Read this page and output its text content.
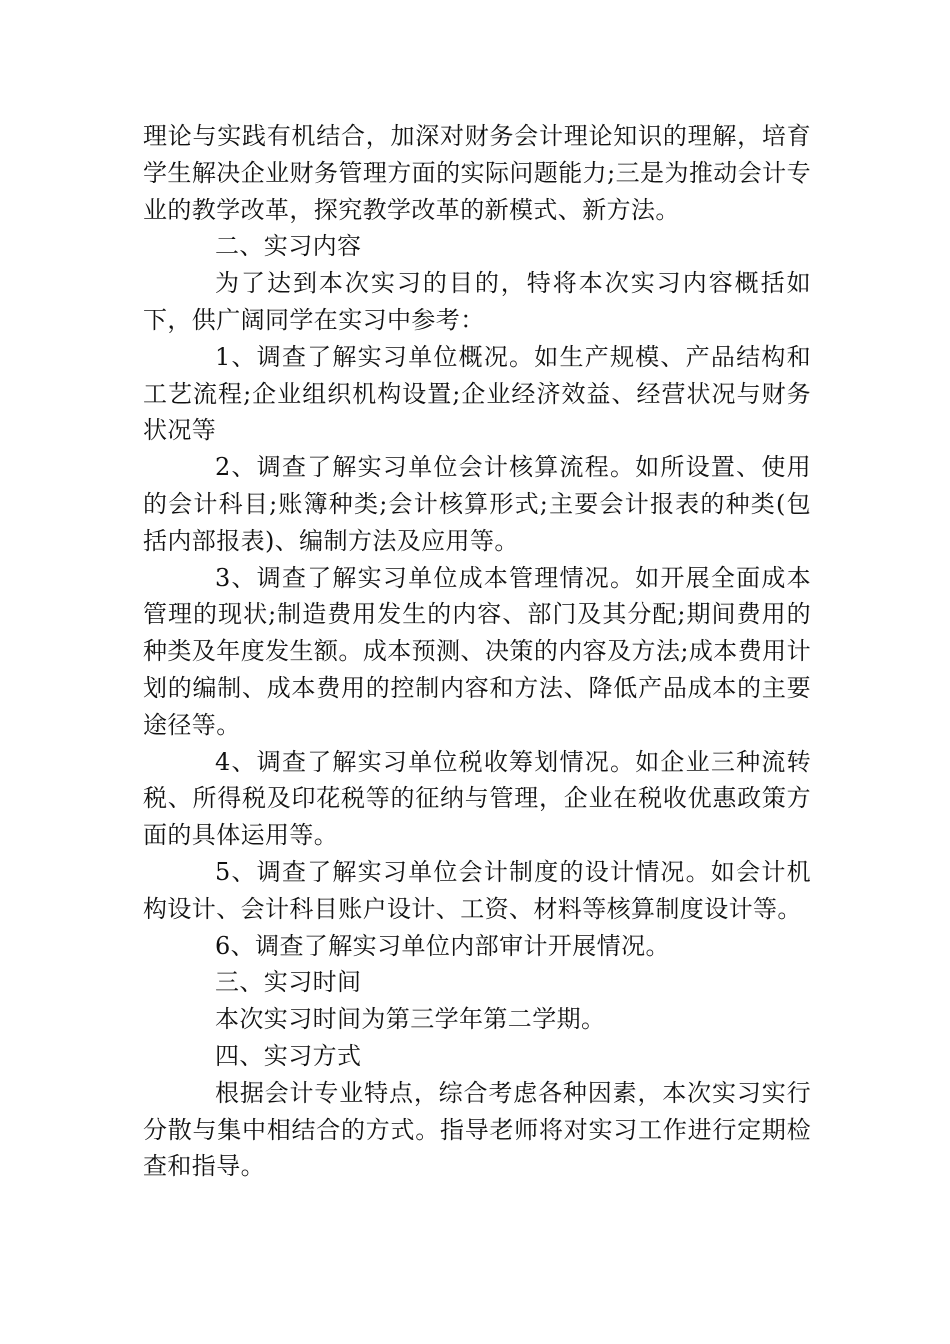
理论与实践有机结合，加深对财务会计理论知识的理解，培育学生解决企业财务管理方面的实际问题能力;三是为推动会计专业的教学改革，探究教学改革的新模式、新方法。

二、实习内容

为了达到本次实习的目的，特将本次实习内容概括如下，供广阔同学在实习中参考：

1、调查了解实习单位概况。如生产规模、产品结构和工艺流程;企业组织机构设置;企业经济效益、经营状况与财务状况等

2、调查了解实习单位会计核算流程。如所设置、使用的会计科目;账簿种类;会计核算形式;主要会计报表的种类(包括内部报表)、编制方法及应用等。

3、调查了解实习单位成本管理情况。如开展全面成本管理的现状;制造费用发生的内容、部门及其分配;期间费用的种类及年度发生额。成本预测、决策的内容及方法;成本费用计划的编制、成本费用的控制内容和方法、降低产品成本的主要途径等。

4、调查了解实习单位税收筹划情况。如企业三种流转税、所得税及印花税等的征纳与管理，企业在税收优惠政策方面的具体运用等。

5、调查了解实习单位会计制度的设计情况。如会计机构设计、会计科目账户设计、工资、材料等核算制度设计等。

6、调查了解实习单位内部审计开展情况。

三、实习时间

本次实习时间为第三学年第二学期。

四、实习方式

根据会计专业特点，综合考虑各种因素，本次实习实行分散与集中相结合的方式。指导老师将对实习工作进行定期检查和指导。
